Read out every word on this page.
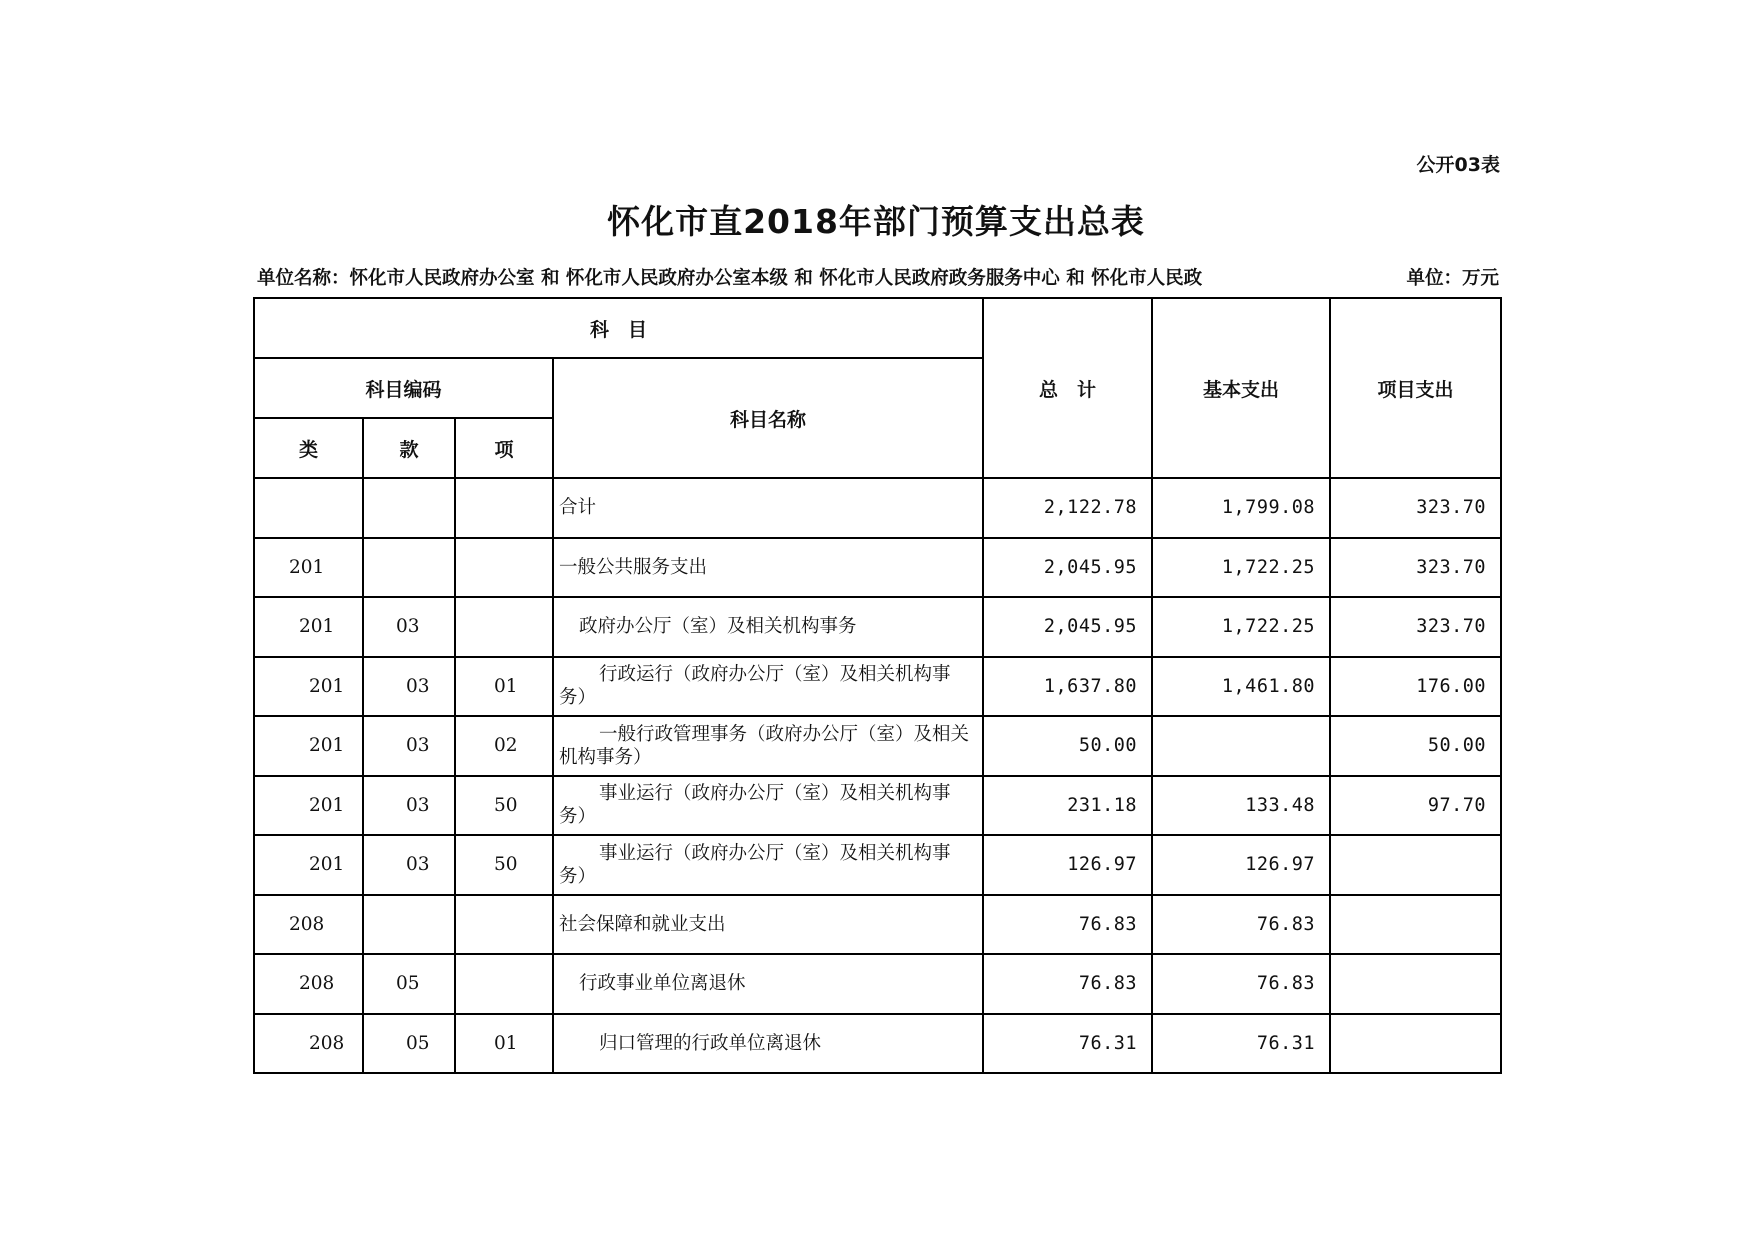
公开03表
怀化市直2018年部门预算支出总表
单位名称：怀化市人民政府办公室 和 怀化市人民政府办公室本级 和 怀化市人民政府政务服务中心 和 怀化市人民政	单位：万元
科　目				总　计	基本支出	项目支出
科目编码			科目名称			
类	款	项				
			合计	2,122.78	1,799.08	323.70
201			一般公共服务支出	2,045.95	1,722.25	323.70
201	03		政府办公厅（室）及相关机构事务	2,045.95	1,722.25	323.70
201	03	01	行政运行（政府办公厅（室）及相关机构事务）	1,637.80	1,461.80	176.00
201	03	02	一般行政管理事务（政府办公厅（室）及相关机构事务）	50.00		50.00
201	03	50	事业运行（政府办公厅（室）及相关机构事务）	231.18	133.48	97.70
201	03	50	事业运行（政府办公厅（室）及相关机构事务）	126.97	126.97	
208			社会保障和就业支出	76.83	76.83	
208	05		行政事业单位离退休	76.83	76.83	
208	05	01	归口管理的行政单位离退休	76.31	76.31	
